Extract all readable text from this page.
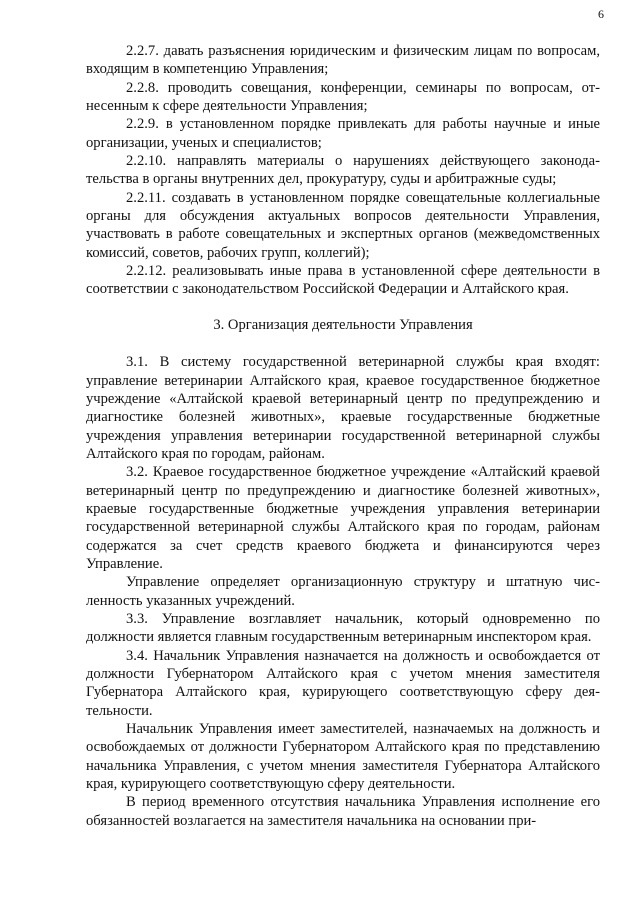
6

2.2.7. давать разъяснения юридическим и физическим лицам по вопросам, входящим в компетенцию Управления;

2.2.8. проводить совещания, конференции, семинары по вопросам, отнесенным к сфере деятельности Управления;

2.2.9. в установленном порядке привлекать для работы научные и иные организации, ученых и специалистов;

2.2.10. направлять материалы о нарушениях действующего законодательства в органы внутренних дел, прокуратуру, суды и арбитражные суды;

2.2.11. создавать в установленном порядке совещательные коллегиальные органы для обсуждения актуальных вопросов деятельности Управления, участвовать в работе совещательных и экспертных органов (межведомственных комиссий, советов, рабочих групп, коллегий);

2.2.12. реализовывать иные права в установленной сфере деятельности в соответствии с законодательством Российской Федерации и Алтайского края.

3. Организация деятельности Управления

3.1. В систему государственной ветеринарной службы края входят: управление ветеринарии Алтайского края, краевое государственное бюджетное учреждение «Алтайской краевой ветеринарный центр по предупреждению и диагностике болезней животных», краевые государственные бюджетные учреждения управления ветеринарии государственной ветеринарной службы Алтайского края по городам, районам.

3.2. Краевое государственное бюджетное учреждение «Алтайский краевой ветеринарный центр по предупреждению и диагностике болезней животных», краевые государственные бюджетные учреждения управления ветеринарии государственной ветеринарной службы Алтайского края по городам, районам содержатся за счет средств краевого бюджета и финансируются через Управление.

Управление определяет организационную структуру и штатную численность указанных учреждений.

3.3. Управление возглавляет начальник, который одновременно по должности является главным государственным ветеринарным инспектором края.

3.4. Начальник Управления назначается на должность и освобождается от должности Губернатором Алтайского края с учетом мнения заместителя Губернатора Алтайского края, курирующего соответствующую сферу деятельности.

Начальник Управления имеет заместителей, назначаемых на должность и освобождаемых от должности Губернатором Алтайского края по представлению начальника Управления, с учетом мнения заместителя Губернатора Алтайского края, курирующего соответствующую сферу деятельности.

В период временного отсутствия начальника Управления исполнение его обязанностей возлагается на заместителя начальника на основании при-
